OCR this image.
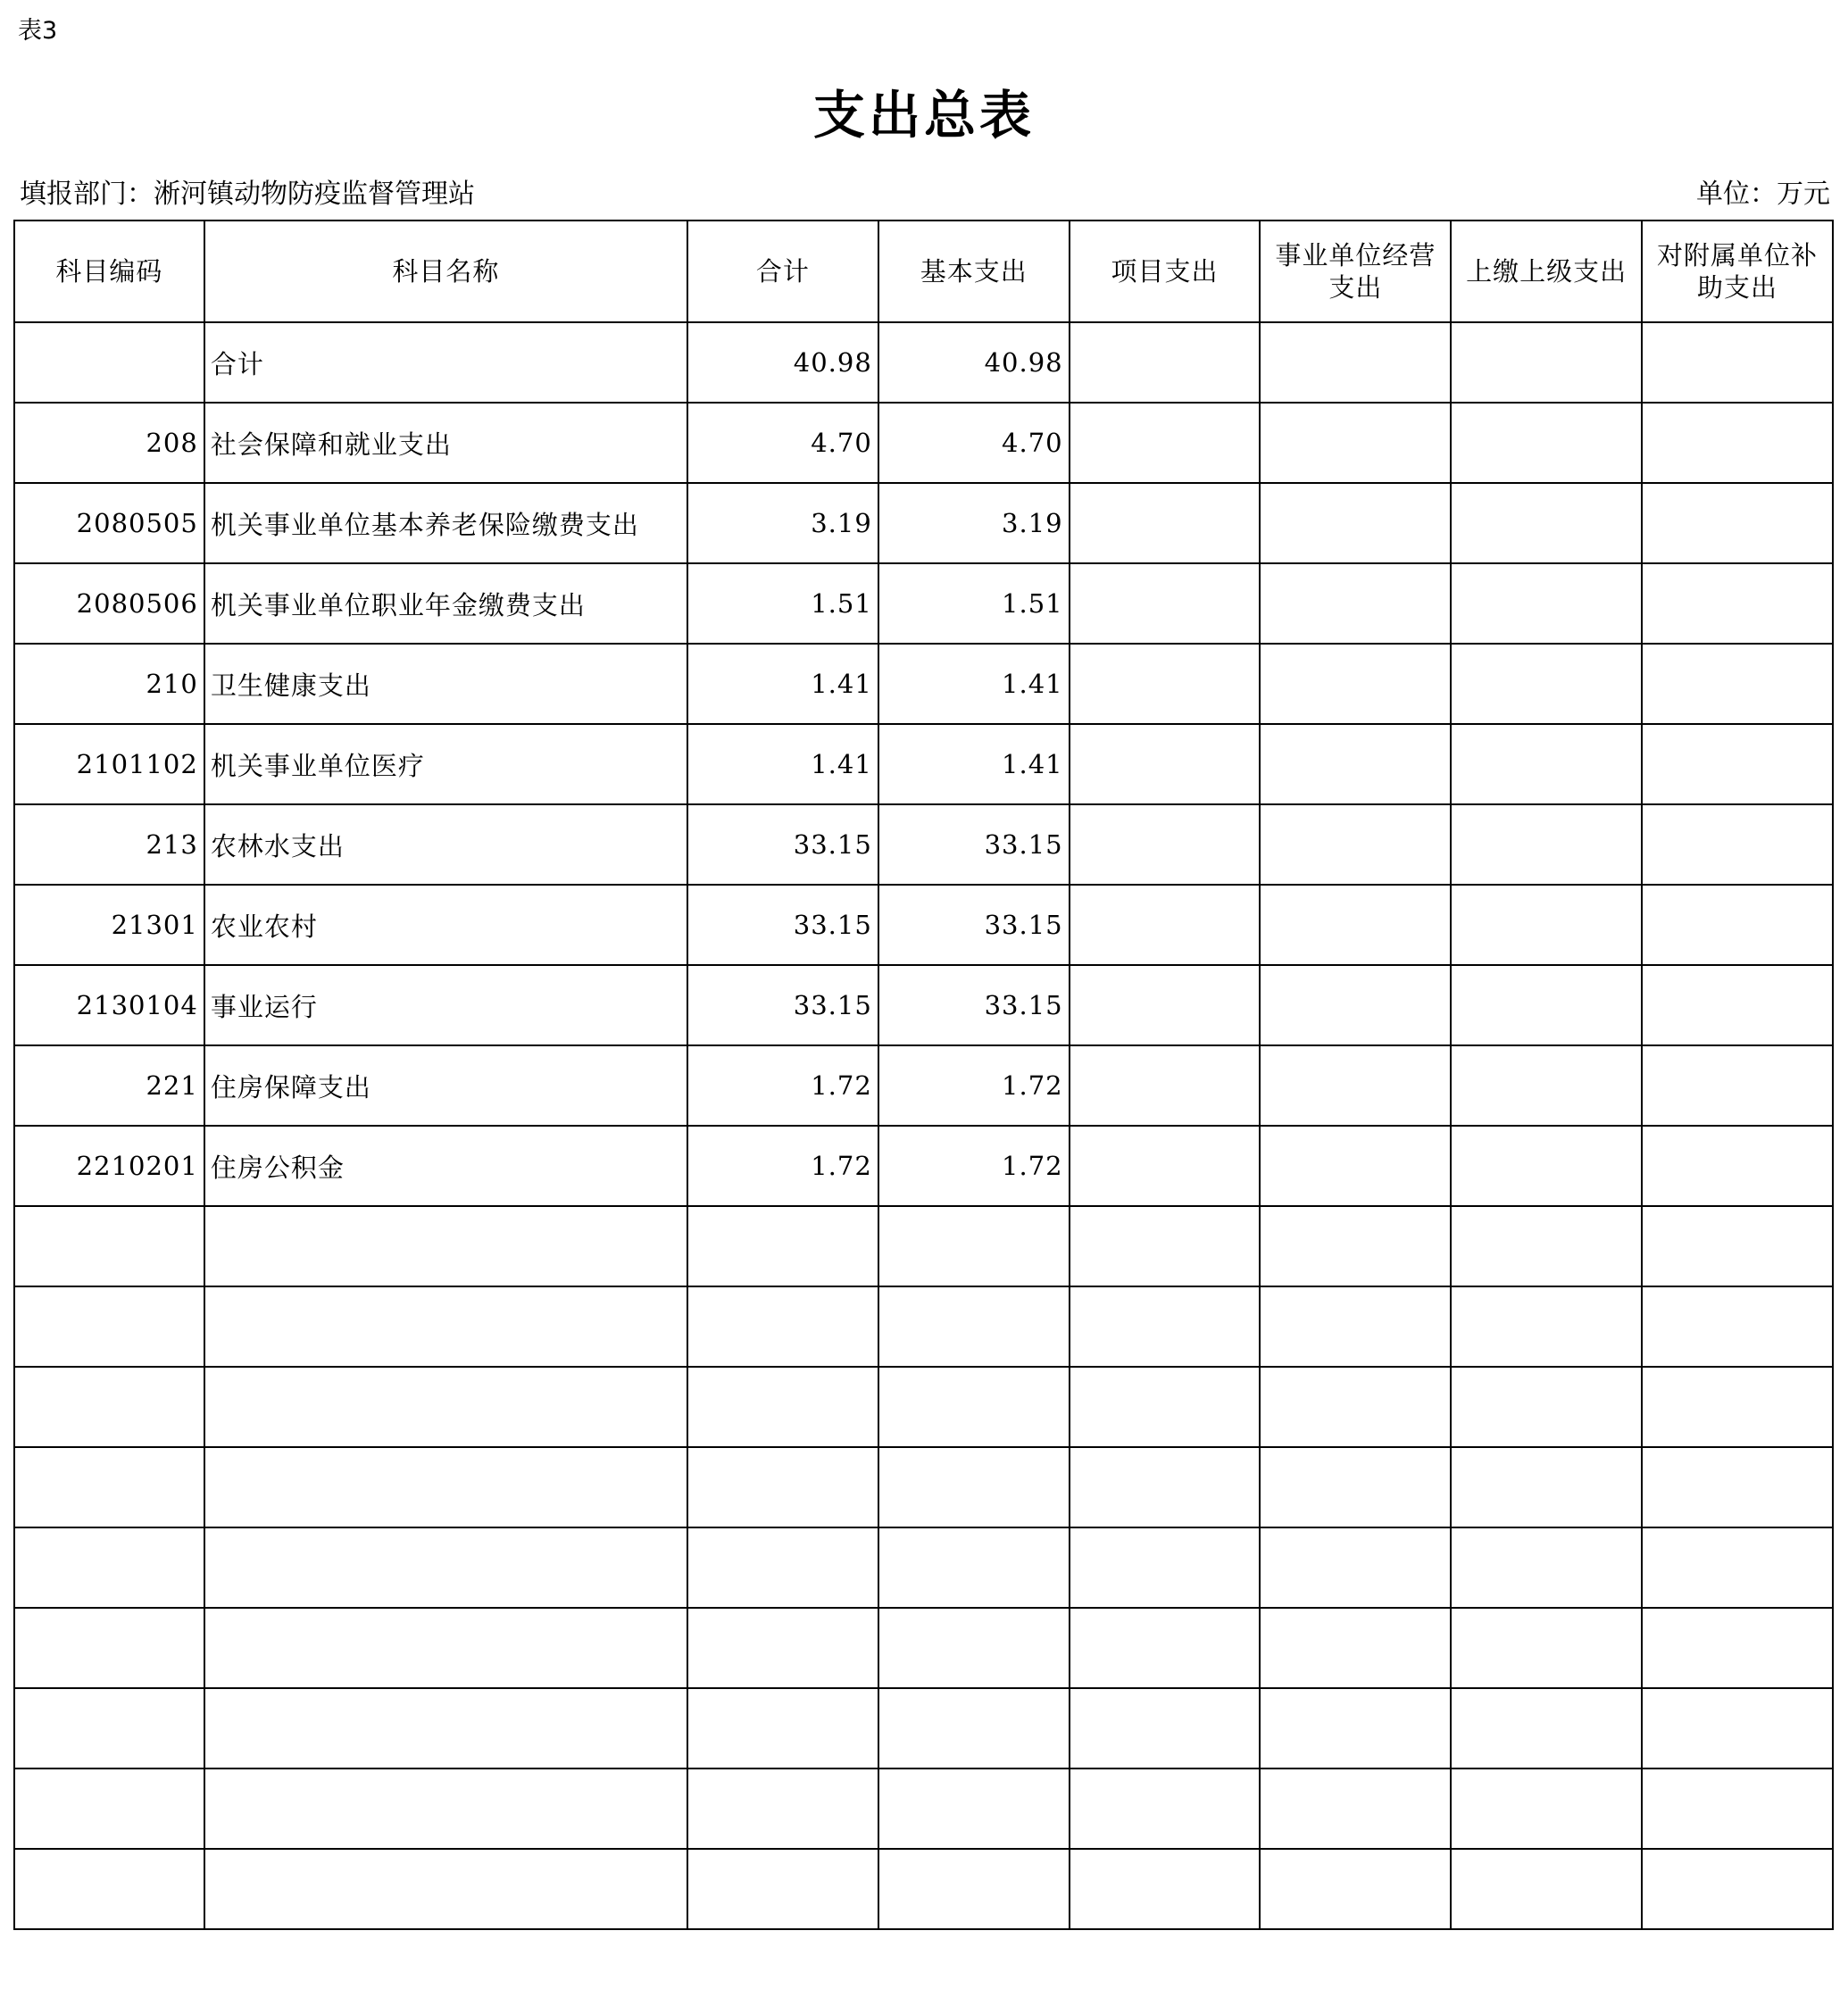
表3
支出总表
填报部门：淅河镇动物防疫监督管理站	单位：万元
科目编码	科目名称	合计	基本支出	项目支出	事业单位经营支出	上缴上级支出	对附属单位补助支出
	合计	40.98	40.98				
208	社会保障和就业支出	4.70	4.70				
2080505	机关事业单位基本养老保险缴费支出	3.19	3.19				
2080506	机关事业单位职业年金缴费支出	1.51	1.51				
210	卫生健康支出	1.41	1.41				
2101102	机关事业单位医疗	1.41	1.41				
213	农林水支出	33.15	33.15				
21301	农业农村	33.15	33.15				
2130104	事业运行	33.15	33.15				
221	住房保障支出	1.72	1.72				
2210201	住房公积金	1.72	1.72				
